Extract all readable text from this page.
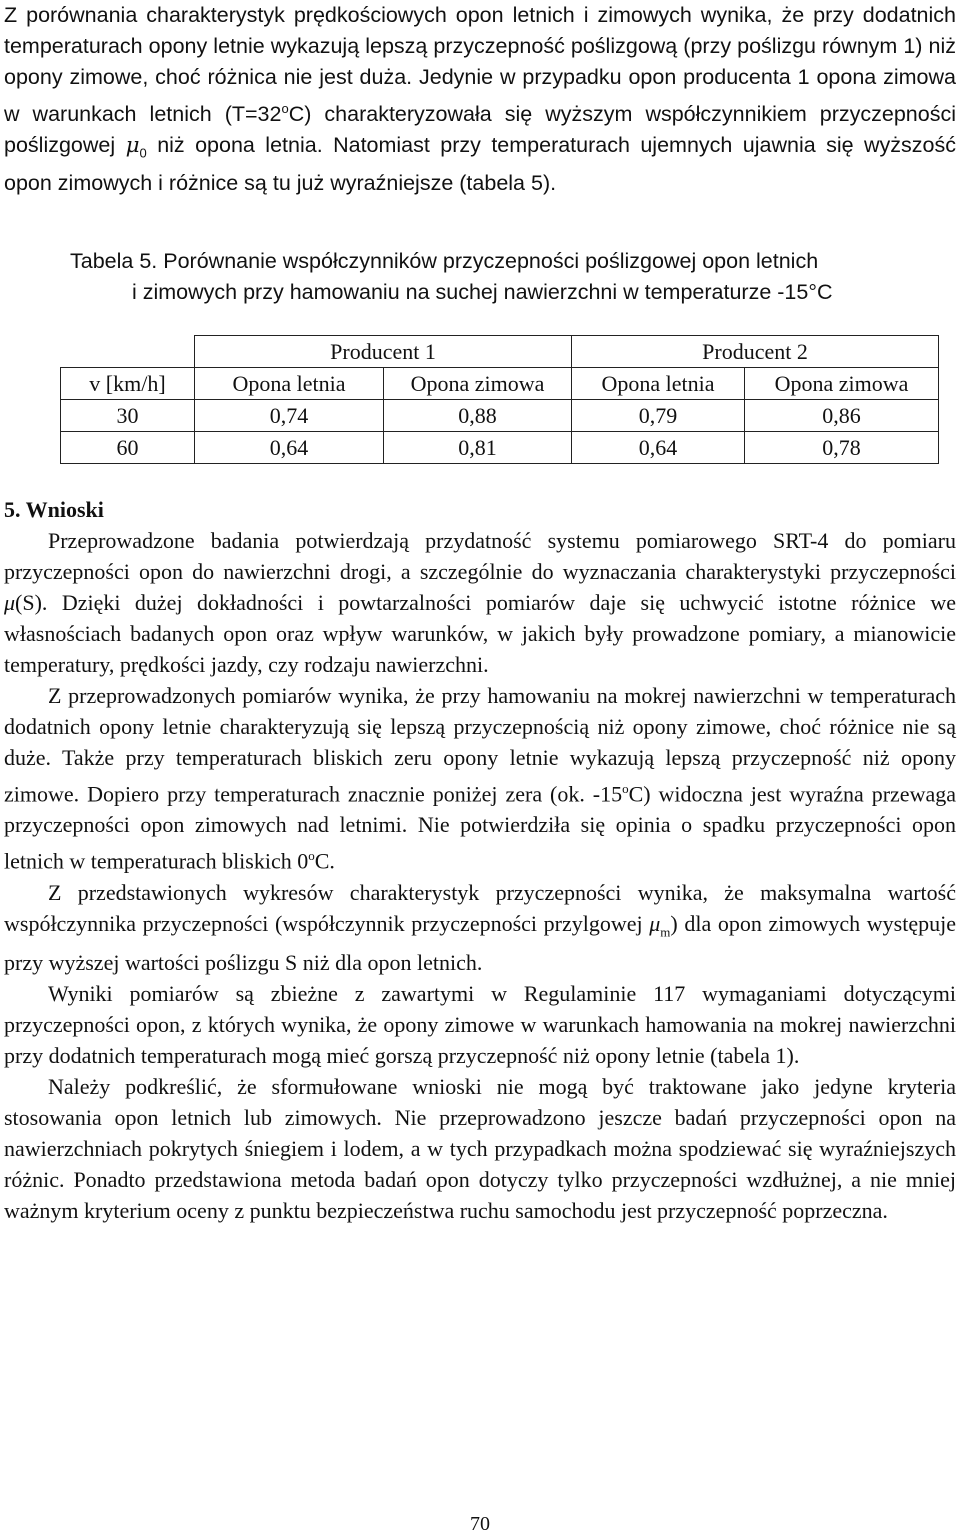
Z porównania charakterystyk prędkościowych opon letnich i zimowych wynika, że przy dodatnich temperaturach opony letnie wykazują lepszą przyczepność poślizgową (przy poślizgu równym 1) niż opony zimowe, choć różnica nie jest duża. Jedynie w przypadku opon producenta 1 opona zimowa w warunkach letnich $(T=32^oC)$ charakteryzowała się wyższym współczynnikiem przyczepności poślizgowej $\mu_0$ niż opona letnia. Natomiast przy temperaturach ujemnych ujawnia się wyższość opon zimowych i różnice są tu już wyraźniejsze (tabela 5).

Tabela 5. Porównanie współczynników przyczepności poślizgowej opon letnich
i zimowych przy hamowaniu na suchej nawierzchni w temperaturze -15°C

	Producent 1		Producent 2	
v [km/h]	Opona letnia	Opona zimowa	Opona letnia	Opona zimowa
30	0,74	0,88	0,79	0,86
60	0,64	0,81	0,64	0,78

5. Wnioski

Przeprowadzone badania potwierdzają przydatność systemu pomiarowego SRT-4 do pomiaru przyczepności opon do nawierzchni drogi, a szczególnie do wyznaczania charakterystyki przyczepności μ(S). Dzięki dużej dokładności i powtarzalności pomiarów daje się uchwycić istotne różnice we własnościach badanych opon oraz wpływ warunków, w jakich były prowadzone pomiary, a mianowicie temperatury, prędkości jazdy, czy rodzaju nawierzchni.

Z przeprowadzonych pomiarów wynika, że przy hamowaniu na mokrej nawierzchni w temperaturach dodatnich opony letnie charakteryzują się lepszą przyczepnością niż opony zimowe, choć różnice nie są duże. Także przy temperaturach bliskich zeru opony letnie wykazują lepszą przyczepność niż opony zimowe. Dopiero przy temperaturach znacznie poniżej zera (ok. -15$^o$C) widoczna jest wyraźna przewaga przyczepności opon zimowych nad letnimi. Nie potwierdziła się opinia o spadku przyczepności opon letnich w temperaturach bliskich 0$^o$C.

Z przedstawionych wykresów charakterystyk przyczepności wynika, że maksymalna wartość współczynnika przyczepności (współczynnik przyczepności przylgowej $\mu_m$) dla opon zimowych występuje przy wyższej wartości poślizgu S niż dla opon letnich.

Wyniki pomiarów są zbieżne z zawartymi w Regulaminie 117 wymaganiami dotyczącymi przyczepności opon, z których wynika, że opony zimowe w warunkach hamowania na mokrej nawierzchni przy dodatnich temperaturach mogą mieć gorszą przyczepność niż opony letnie (tabela 1).

Należy podkreślić, że sformułowane wnioski nie mogą być traktowane jako jedyne kryteria stosowania opon letnich lub zimowych. Nie przeprowadzono jeszcze badań przyczepności opon na nawierzchniach pokrytych śniegiem i lodem, a w tych przypadkach można spodziewać się wyraźniejszych różnic. Ponadto przedstawiona metoda badań opon dotyczy tylko przyczepności wzdłużnej, a nie mniej ważnym kryterium oceny z punktu bezpieczeństwa ruchu samochodu jest przyczepność poprzeczna.

70
